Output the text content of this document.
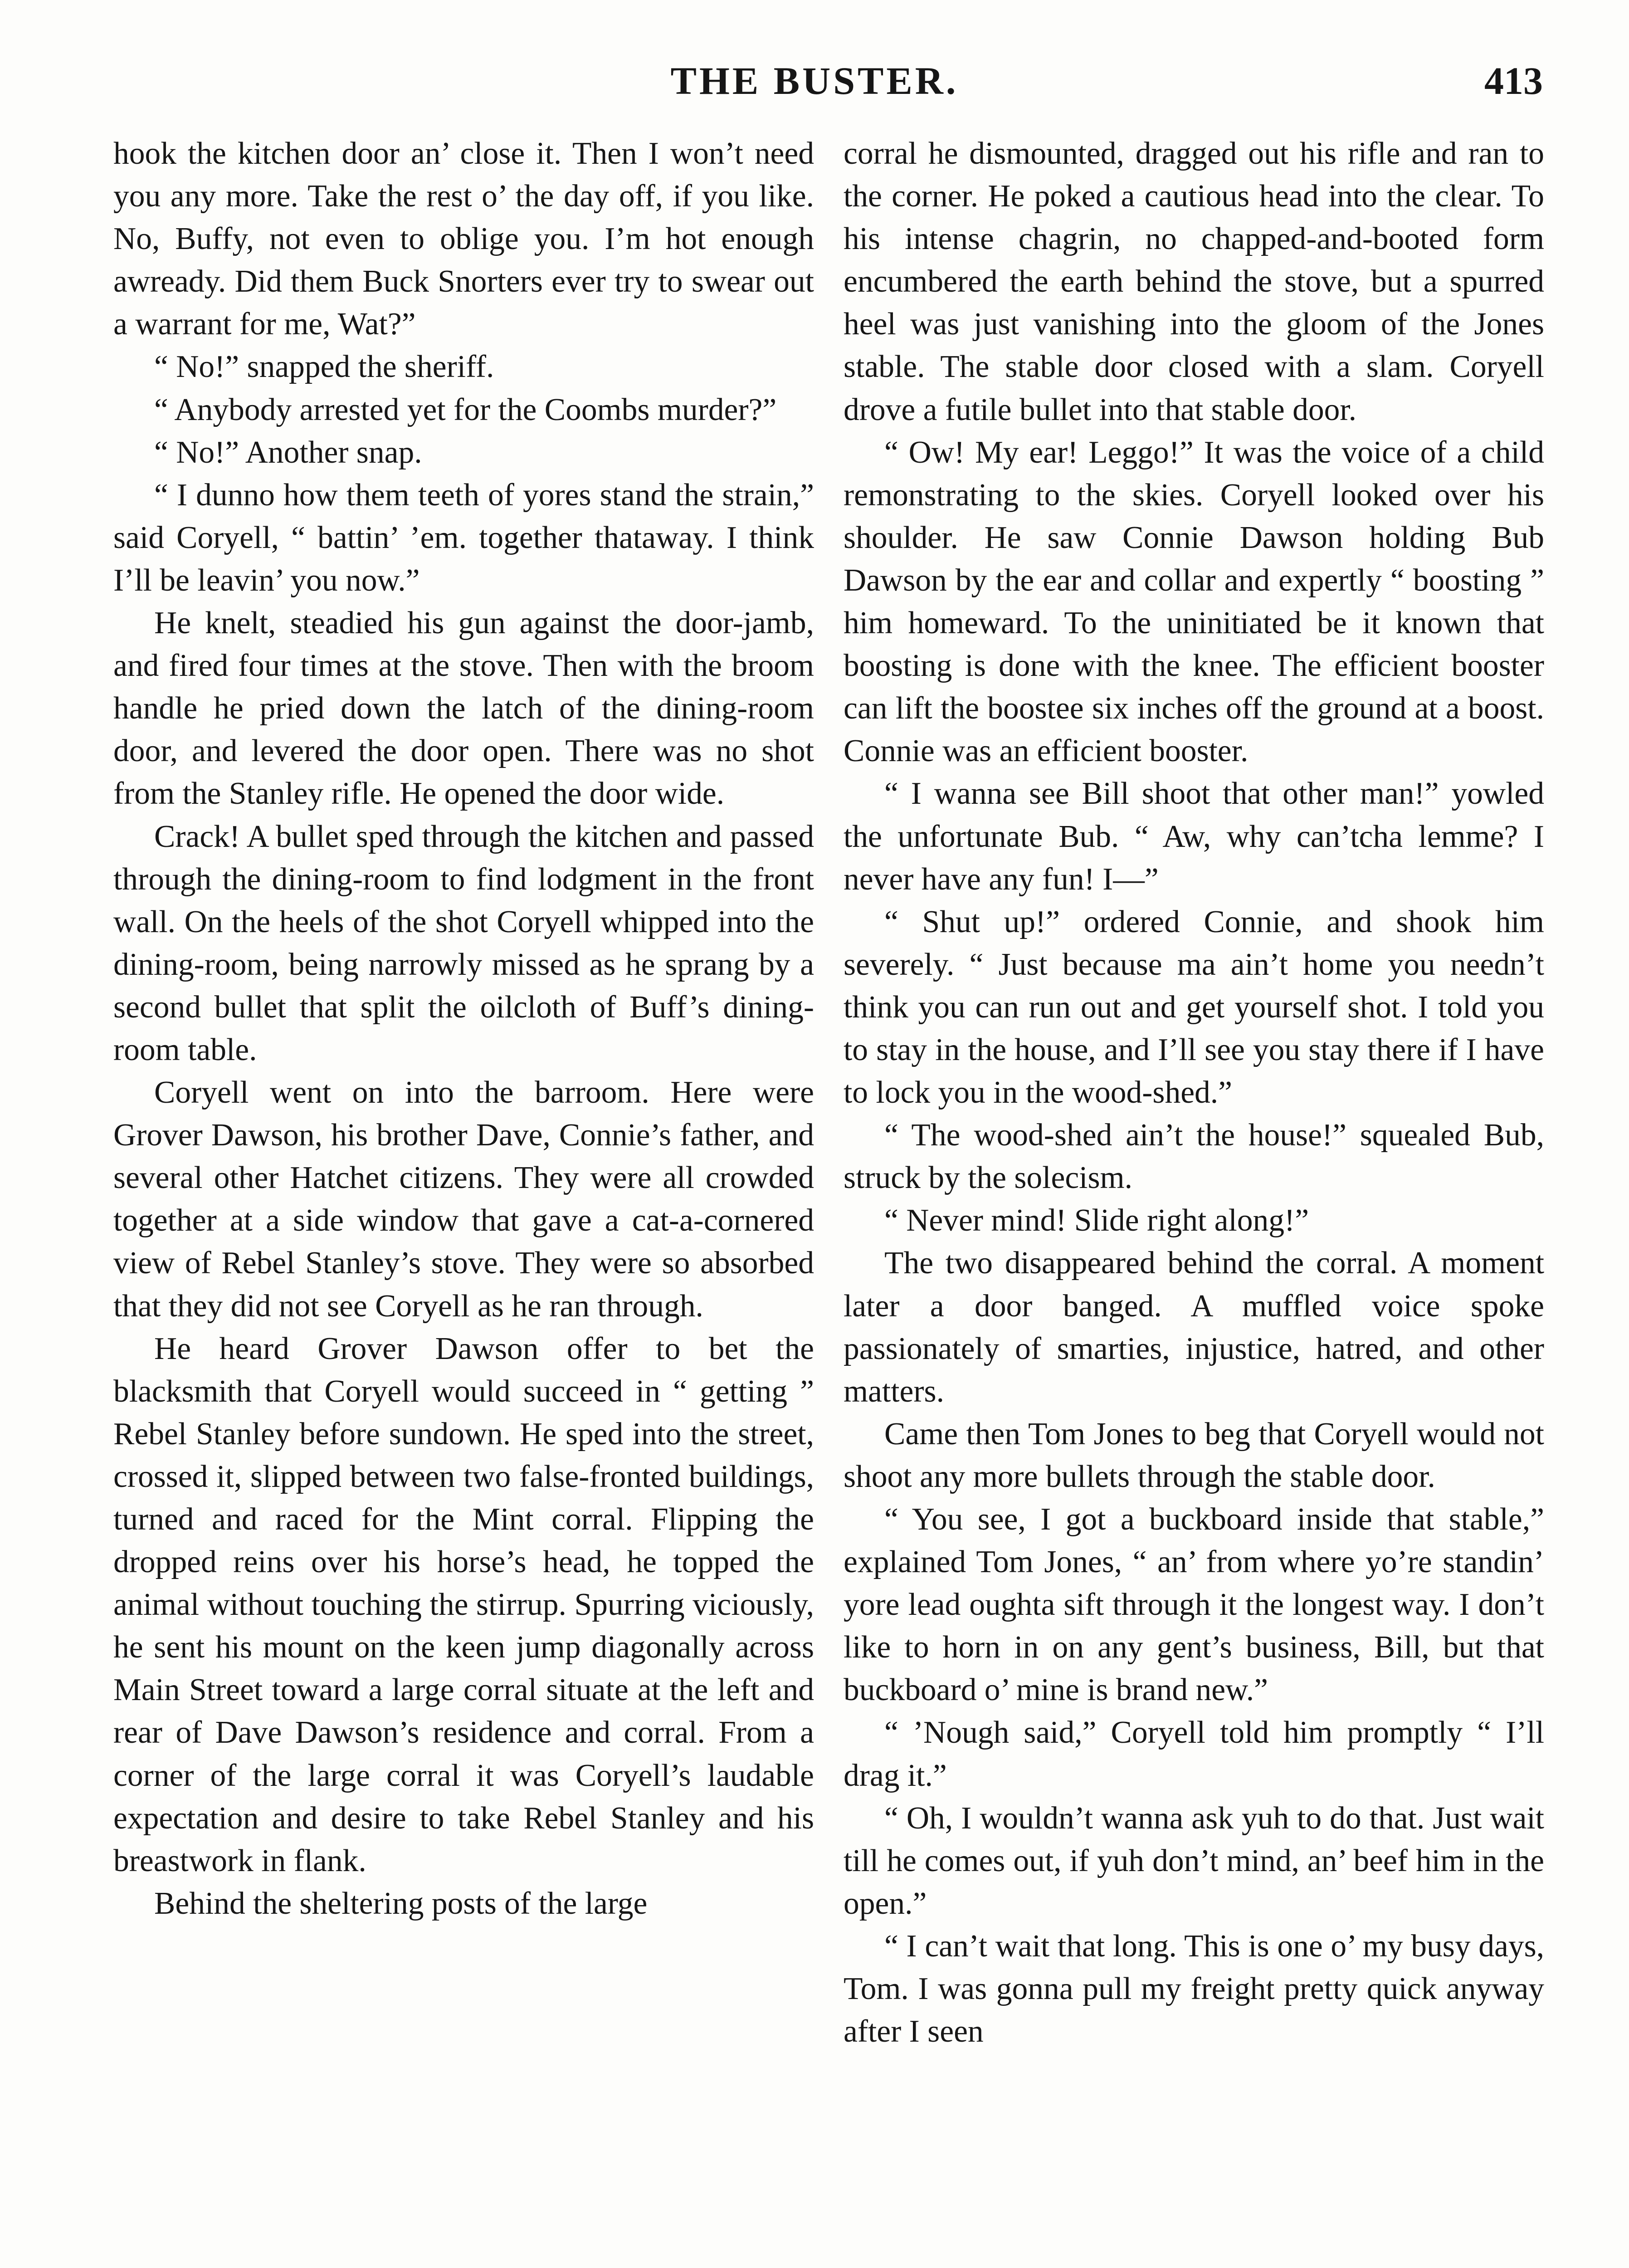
THE BUSTER.	413

hook the kitchen door an’ close it. Then I won’t need you any more. Take the rest o’ the day off, if you like. No, Buffy, not even to oblige you. I’m hot enough awready. Did them Buck Snorters ever try to swear out a warrant for me, Wat?”

“ No!” snapped the sheriff.

“ Anybody arrested yet for the Coombs murder?”

“ No!” Another snap.

“ I dunno how them teeth of yores stand the strain,” said Coryell, “ battin’ ’em. together thataway. I think I’ll be leavin’ you now.”

He knelt, steadied his gun against the door-jamb, and fired four times at the stove. Then with the broom handle he pried down the latch of the dining-room door, and levered the door open. There was no shot from the Stanley rifle. He opened the door wide.

Crack! A bullet sped through the kitchen and passed through the dining-room to find lodgment in the front wall. On the heels of the shot Coryell whipped into the dining-room, being narrowly missed as he sprang by a second bullet that split the oilcloth of Buff’s dining-room table.

Coryell went on into the barroom. Here were Grover Dawson, his brother Dave, Connie’s father, and several other Hatchet citizens. They were all crowded together at a side window that gave a cat-a-cornered view of Rebel Stanley’s stove. They were so absorbed that they did not see Coryell as he ran through.

He heard Grover Dawson offer to bet the blacksmith that Coryell would succeed in “ getting ” Rebel Stanley before sundown. He sped into the street, crossed it, slipped between two false-fronted buildings, turned and raced for the Mint corral. Flipping the dropped reins over his horse’s head, he topped the animal without touching the stirrup. Spurring viciously, he sent his mount on the keen jump diagonally across Main Street toward a large corral situate at the left and rear of Dave Dawson’s residence and corral. From a corner of the large corral it was Coryell’s laudable expectation and desire to take Rebel Stanley and his breastwork in flank.

Behind the sheltering posts of the large

corral he dismounted, dragged out his rifle and ran to the corner. He poked a cautious head into the clear. To his intense chagrin, no chapped-and-booted form encumbered the earth behind the stove, but a spurred heel was just vanishing into the gloom of the Jones stable. The stable door closed with a slam. Coryell drove a futile bullet into that stable door.

“ Ow! My ear! Leggo!” It was the voice of a child remonstrating to the skies. Coryell looked over his shoulder. He saw Connie Dawson holding Bub Dawson by the ear and collar and expertly “ boosting ” him homeward. To the uninitiated be it known that boosting is done with the knee. The efficient booster can lift the boostee six inches off the ground at a boost. Connie was an efficient booster.

“ I wanna see Bill shoot that other man!” yowled the unfortunate Bub. “ Aw, why can’tcha lemme? I never have any fun! I—”

“ Shut up!” ordered Connie, and shook him severely. “ Just because ma ain’t home you needn’t think you can run out and get yourself shot. I told you to stay in the house, and I’ll see you stay there if I have to lock you in the wood-shed.”

“ The wood-shed ain’t the house!” squealed Bub, struck by the solecism.

“ Never mind! Slide right along!”

The two disappeared behind the corral. A moment later a door banged. A muffled voice spoke passionately of smarties, injustice, hatred, and other matters.

Came then Tom Jones to beg that Coryell would not shoot any more bullets through the stable door.

“ You see, I got a buckboard inside that stable,” explained Tom Jones, “ an’ from where yo’re standin’ yore lead oughta sift through it the longest way. I don’t like to horn in on any gent’s business, Bill, but that buckboard o’ mine is brand new.”

“ ’Nough said,” Coryell told him promptly “ I’ll drag it.”

“ Oh, I wouldn’t wanna ask yuh to do that. Just wait till he comes out, if yuh don’t mind, an’ beef him in the open.”

“ I can’t wait that long. This is one o’ my busy days, Tom. I was gonna pull my freight pretty quick anyway after I seen
